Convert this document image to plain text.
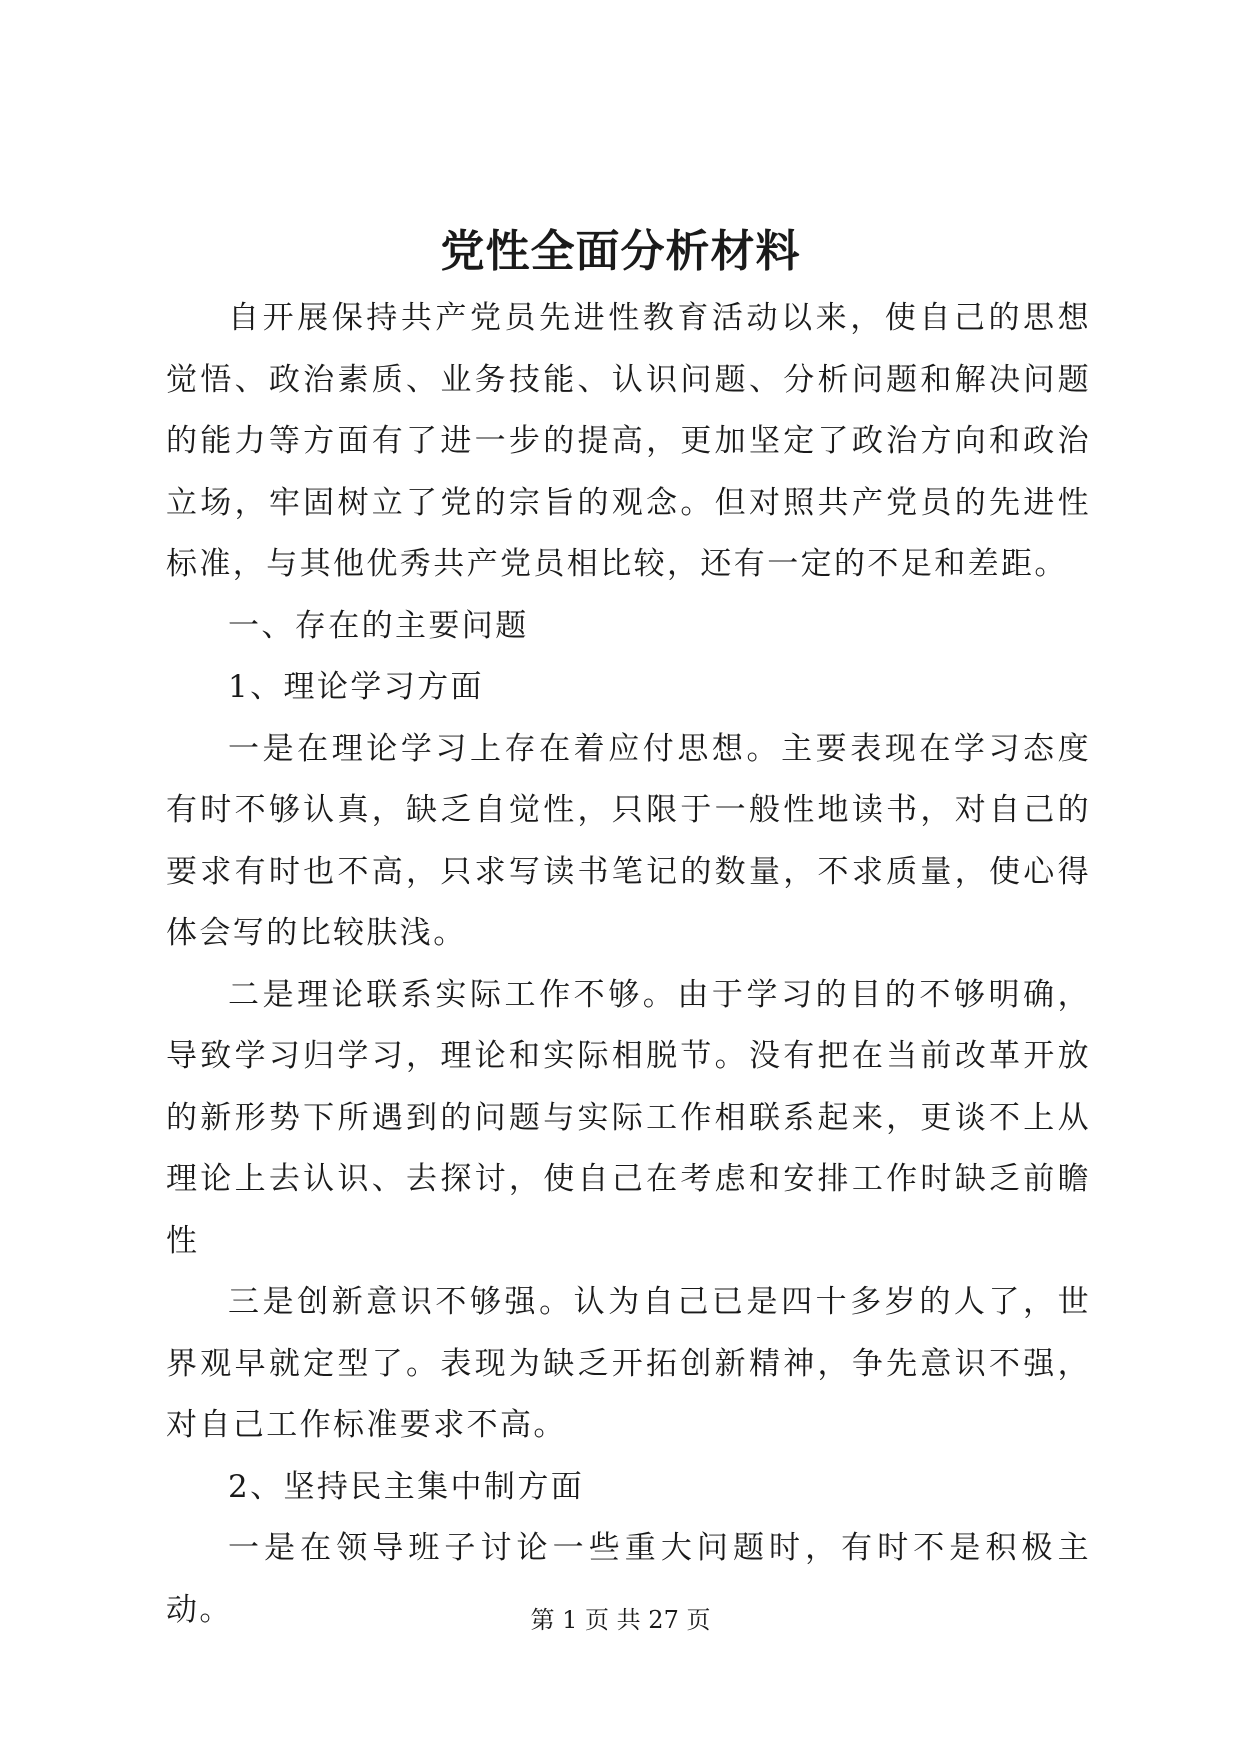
党性全面分析材料

自开展保持共产党员先进性教育活动以来，使自己的思想觉悟、政治素质、业务技能、认识问题、分析问题和解决问题的能力等方面有了进一步的提高，更加坚定了政治方向和政治立场，牢固树立了党的宗旨的观念。但对照共产党员的先进性标准，与其他优秀共产党员相比较，还有一定的不足和差距。

一、存在的主要问题

1、理论学习方面

一是在理论学习上存在着应付思想。主要表现在学习态度有时不够认真，缺乏自觉性，只限于一般性地读书，对自己的要求有时也不高，只求写读书笔记的数量，不求质量，使心得体会写的比较肤浅。

二是理论联系实际工作不够。由于学习的目的不够明确，导致学习归学习，理论和实际相脱节。没有把在当前改革开放的新形势下所遇到的问题与实际工作相联系起来，更谈不上从理论上去认识、去探讨，使自己在考虑和安排工作时缺乏前瞻性

三是创新意识不够强。认为自己已是四十多岁的人了，世界观早就定型了。表现为缺乏开拓创新精神，争先意识不强，对自己工作标准要求不高。

2、坚持民主集中制方面

一是在领导班子讨论一些重大问题时，有时不是积极主动。	第 1 页 共 27 页
